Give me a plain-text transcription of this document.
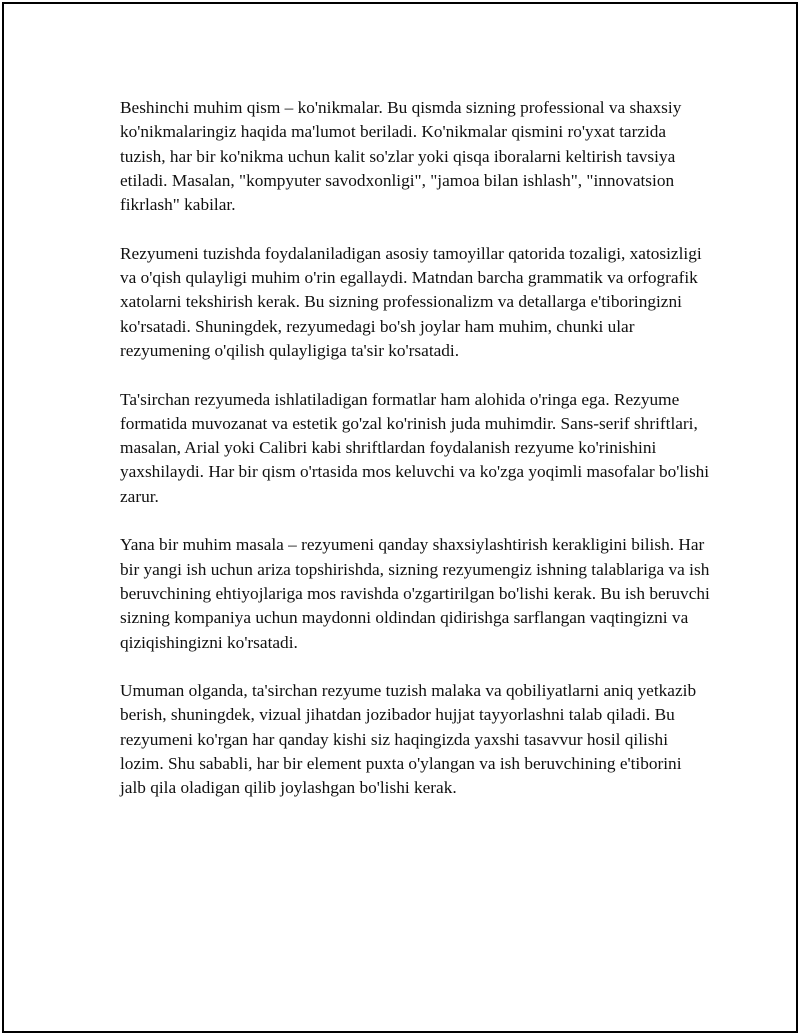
Beshinchi muhim qism – ko'nikmalar. Bu qismda sizning professional va shaxsiy ko'nikmalaringiz haqida ma'lumot beriladi. Ko'nikmalar qismini ro'yxat tarzida tuzish, har bir ko'nikma uchun kalit so'zlar yoki qisqa iboralarni keltirish tavsiya etiladi. Masalan, "kompyuter savodxonligi", "jamoa bilan ishlash", "innovatsion fikrlash" kabilar.

Rezyumeni tuzishda foydalaniladigan asosiy tamoyillar qatorida tozaligi, xatosizligi va o'qish qulayligi muhim o'rin egallaydi. Matndan barcha grammatik va orfografik xatolarni tekshirish kerak. Bu sizning professionalizm va detallarga e'tiboringizni ko'rsatadi. Shuningdek, rezyumedagi bo'sh joylar ham muhim, chunki ular rezyumening o'qilish qulayligiga ta'sir ko'rsatadi.

Ta'sirchan rezyumeda ishlatiladigan formatlar ham alohida o'ringa ega. Rezyume formatida muvozanat va estetik go'zal ko'rinish juda muhimdir. Sans-serif shriftlari, masalan, Arial yoki Calibri kabi shriftlardan foydalanish rezyume ko'rinishini yaxshilaydi. Har bir qism o'rtasida mos keluvchi va ko'zga yoqimli masofalar bo'lishi zarur.

Yana bir muhim masala – rezyumeni qanday shaxsiylashtirish kerakligini bilish. Har bir yangi ish uchun ariza topshirishda, sizning rezyumengiz ishning talablariga va ish beruvchining ehtiyojlariga mos ravishda o'zgartirilgan bo'lishi kerak. Bu ish beruvchi sizning kompaniya uchun maydonni oldindan qidirishga sarflangan vaqtingizni va qiziqishingizni ko'rsatadi.

Umuman olganda, ta'sirchan rezyume tuzish malaka va qobiliyatlarni aniq yetkazib berish, shuningdek, vizual jihatdan jozibador hujjat tayyorlashni talab qiladi. Bu rezyumeni ko'rgan har qanday kishi siz haqingizda yaxshi tasavvur hosil qilishi lozim. Shu sababli, har bir element puxta o'ylangan va ish beruvchining e'tiborini jalb qila oladigan qilib joylashgan bo'lishi kerak.
